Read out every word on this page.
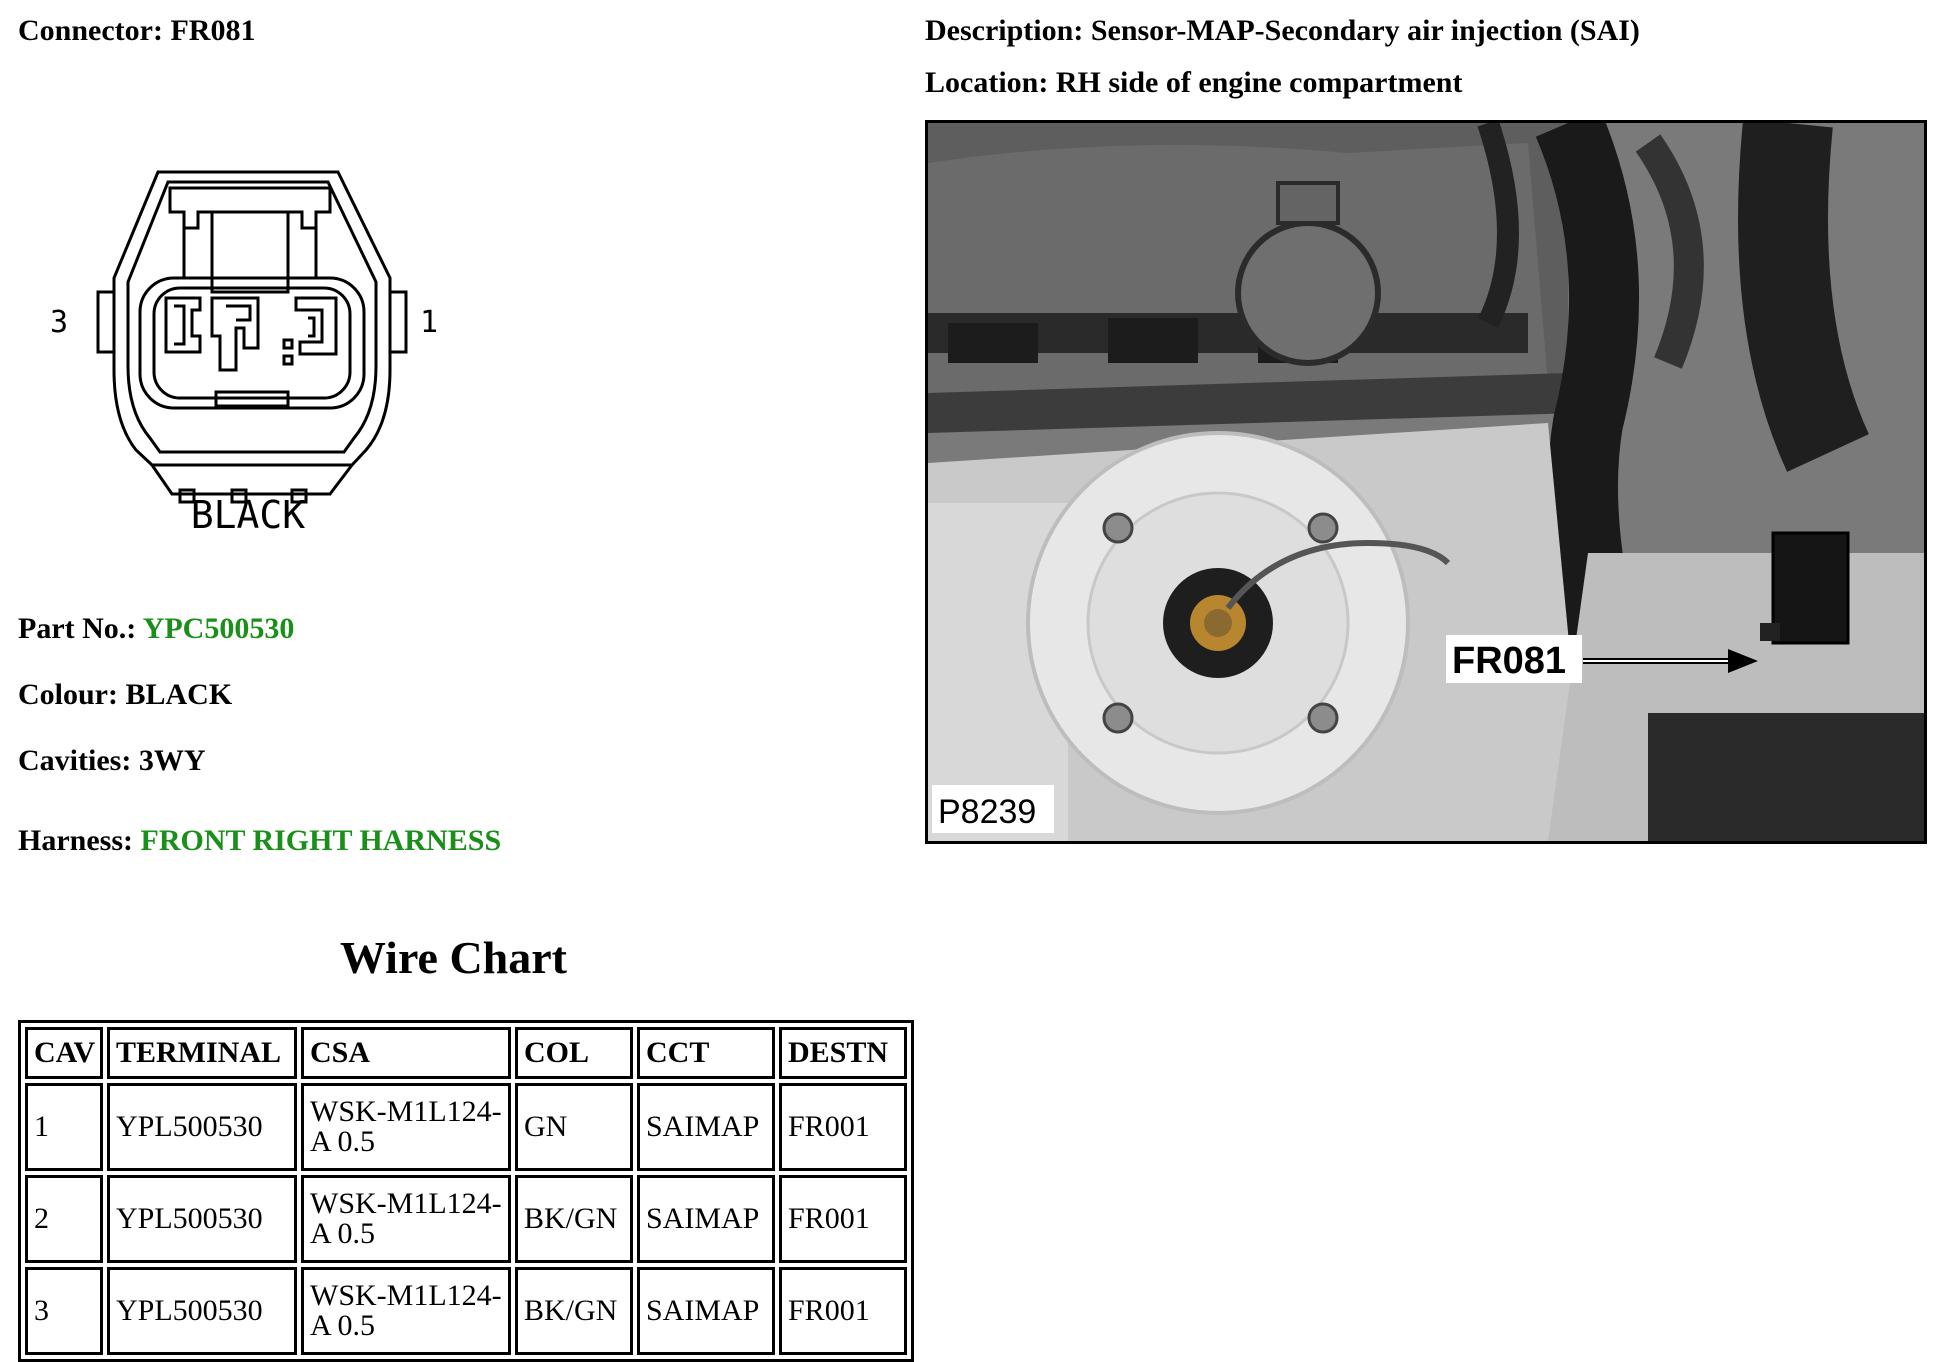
Connector: FR081
3	1
BLACK
Part No.: YPC500530
Colour: BLACK
Cavities: 3WY
Harness: FRONT RIGHT HARNESS
Description: Sensor-MAP-Secondary air injection (SAI)
Location: RH side of engine compartment
FR081
P8239
Wire Chart
CAV	TERMINAL	CSA	COL	CCT	DESTN
1	YPL500530	WSK-M1L124-A 0.5	GN	SAIMAP	FR001
2	YPL500530	WSK-M1L124-A 0.5	BK/GN	SAIMAP	FR001
3	YPL500530	WSK-M1L124-A 0.5	BK/GN	SAIMAP	FR001
